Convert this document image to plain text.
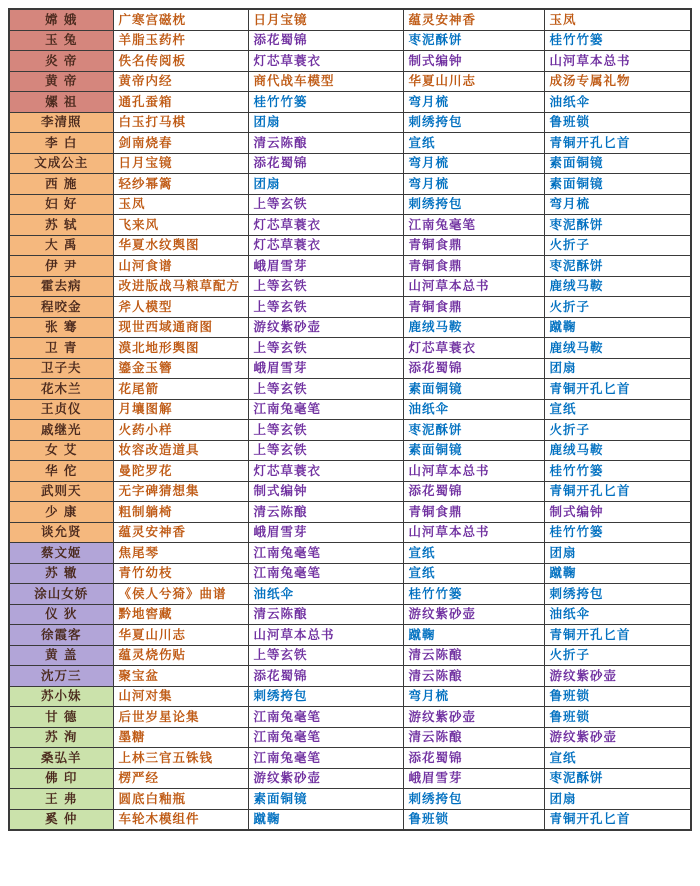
嫦 娥	广寒宫磁枕	日月宝镜	蕴灵安神香	玉凤
玉 兔	羊脂玉药杵	添花蜀锦	枣泥酥饼	桂竹竹篓
炎 帝	佚名传阅板	灯芯草蓑衣	制式编钟	山河草本总书
黄 帝	黄帝内经	商代战车模型	华夏山川志	成汤专属礼物
嫘 祖	通孔蚕箱	桂竹竹篓	弯月梳	油纸伞
李清照	白玉打马棋	团扇	刺绣挎包	鲁班锁
李 白	剑南烧春	清云陈酿	宣纸	青铜开孔匕首
文成公主	日月宝镜	添花蜀锦	弯月梳	素面铜镜
西 施	轻纱幂篱	团扇	弯月梳	素面铜镜
妇 好	玉凤	上等玄铁	刺绣挎包	弯月梳
苏 轼	飞来风	灯芯草蓑衣	江南兔毫笔	枣泥酥饼
大 禹	华夏水纹舆图	灯芯草蓑衣	青铜食鼎	火折子
伊 尹	山河食谱	峨眉雪芽	青铜食鼎	枣泥酥饼
霍去病	改进版战马粮草配方	上等玄铁	山河草本总书	鹿绒马鞍
程咬金	斧人模型	上等玄铁	青铜食鼎	火折子
张 骞	现世西域通商图	游纹紫砂壶	鹿绒马鞍	蹴鞠
卫 青	漠北地形舆图	上等玄铁	灯芯草蓑衣	鹿绒马鞍
卫子夫	鎏金玉簪	峨眉雪芽	添花蜀锦	团扇
花木兰	花尾箭	上等玄铁	素面铜镜	青铜开孔匕首
王贞仪	月壤图解	江南兔毫笔	油纸伞	宣纸
戚继光	火药小样	上等玄铁	枣泥酥饼	火折子
女 艾	妆容改造道具	上等玄铁	素面铜镜	鹿绒马鞍
华 佗	曼陀罗花	灯芯草蓑衣	山河草本总书	桂竹竹篓
武则天	无字碑猜想集	制式编钟	添花蜀锦	青铜开孔匕首
少 康	粗制躺椅	清云陈酿	青铜食鼎	制式编钟
谈允贤	蕴灵安神香	峨眉雪芽	山河草本总书	桂竹竹篓
蔡文姬	焦尾琴	江南兔毫笔	宣纸	团扇
苏 辙	青竹幼枝	江南兔毫笔	宣纸	蹴鞠
涂山女娇	《侯人兮猗》曲谱	油纸伞	桂竹竹篓	刺绣挎包
仪 狄	黔地窖藏	清云陈酿	游纹紫砂壶	油纸伞
徐霞客	华夏山川志	山河草本总书	蹴鞠	青铜开孔匕首
黄 盖	蕴灵烧伤贴	上等玄铁	清云陈酿	火折子
沈万三	聚宝盆	添花蜀锦	清云陈酿	游纹紫砂壶
苏小妹	山河对集	刺绣挎包	弯月梳	鲁班锁
甘 德	后世岁星论集	江南兔毫笔	游纹紫砂壶	鲁班锁
苏 洵	墨糖	江南兔毫笔	清云陈酿	游纹紫砂壶
桑弘羊	上林三官五铢钱	江南兔毫笔	添花蜀锦	宣纸
佛 印	楞严经	游纹紫砂壶	峨眉雪芽	枣泥酥饼
王 弗	圆底白釉瓶	素面铜镜	刺绣挎包	团扇
奚 仲	车轮木模组件	蹴鞠	鲁班锁	青铜开孔匕首
